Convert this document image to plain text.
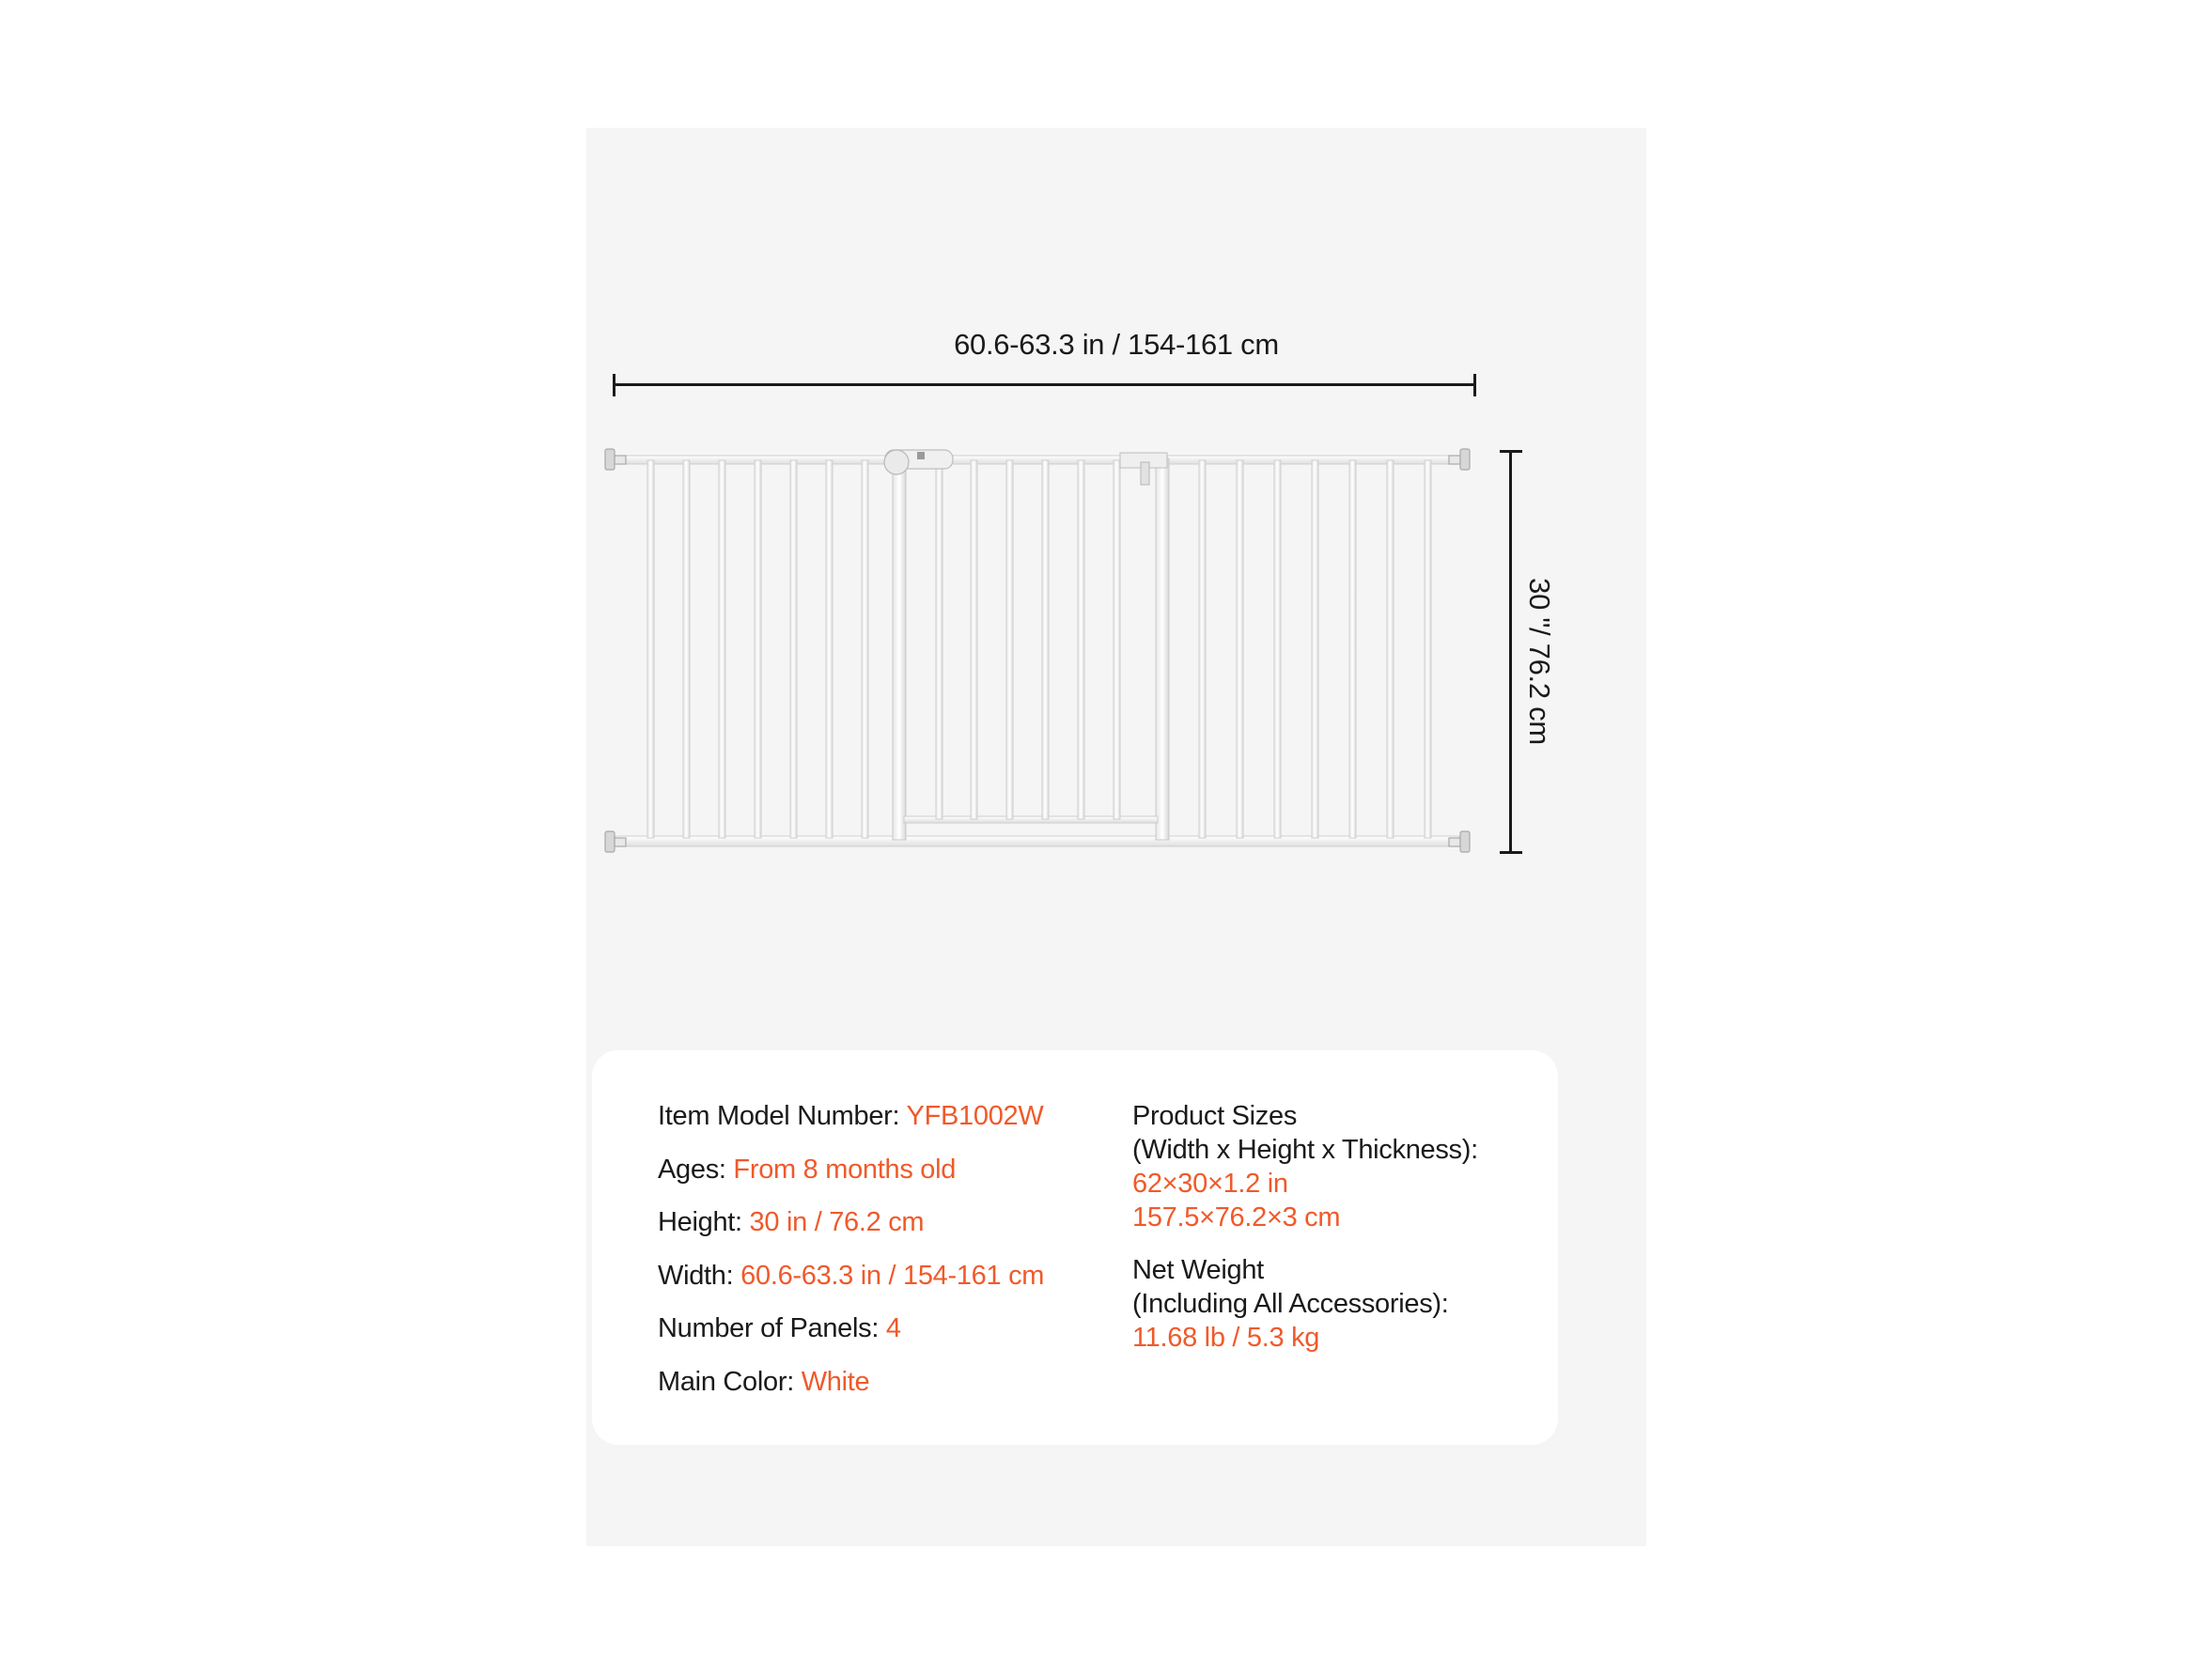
60.6-63.3 in / 154-161 cm
30 "/ 76.2 cm
Item Model Number: YFB1002W
Ages: From 8 months old
Height: 30 in / 76.2 cm
Width: 60.6-63.3 in / 154-161 cm
Number of Panels: 4
Main Color: White
Product Sizes
(Width x Height x Thickness):
62×30×1.2 in
157.5×76.2×3 cm
Net Weight
(Including All Accessories):
11.68 lb / 5.3 kg
